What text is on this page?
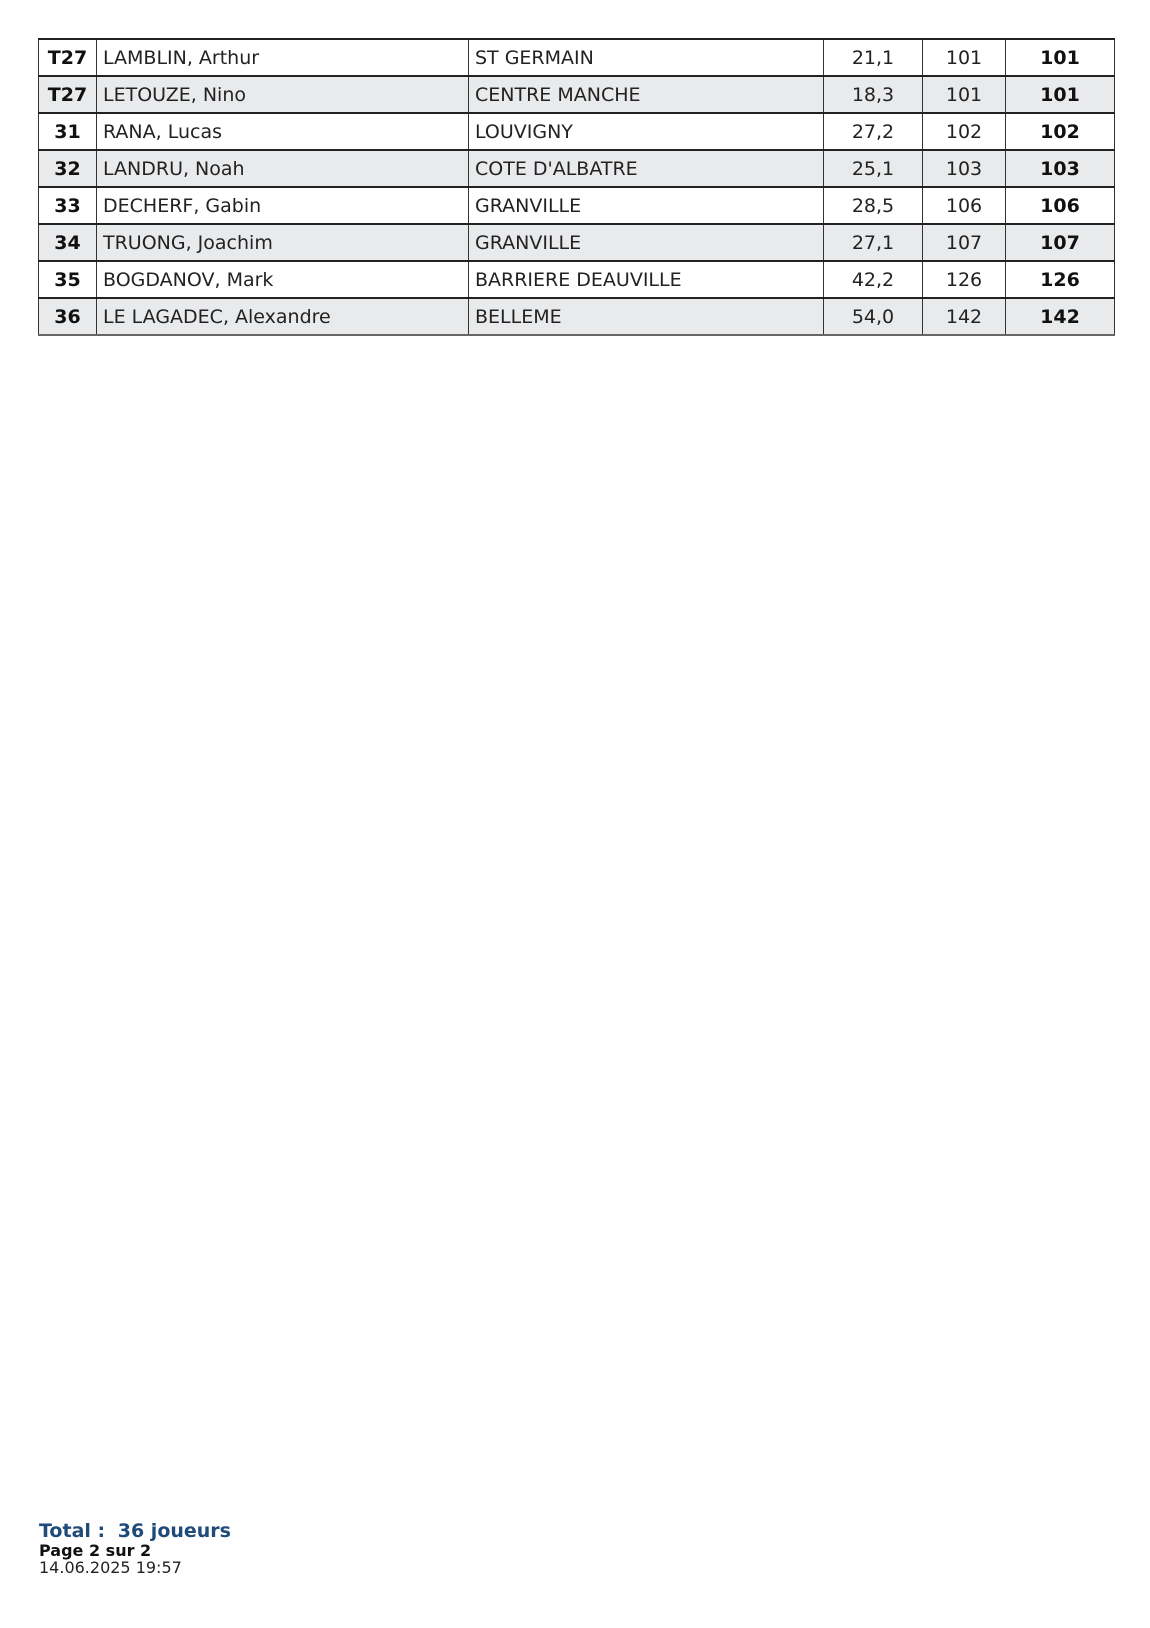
T27	LAMBLIN, Arthur	ST GERMAIN	21,1	101	101
T27	LETOUZE, Nino	CENTRE MANCHE	18,3	101	101
31	RANA, Lucas	LOUVIGNY	27,2	102	102
32	LANDRU, Noah	COTE D'ALBATRE	25,1	103	103
33	DECHERF, Gabin	GRANVILLE	28,5	106	106
34	TRUONG, Joachim	GRANVILLE	27,1	107	107
35	BOGDANOV, Mark	BARRIERE DEAUVILLE	42,2	126	126
36	LE LAGADEC, Alexandre	BELLEME	54,0	142	142
Total : 36 joueurs
Page 2 sur 2
14.06.2025 19:57
